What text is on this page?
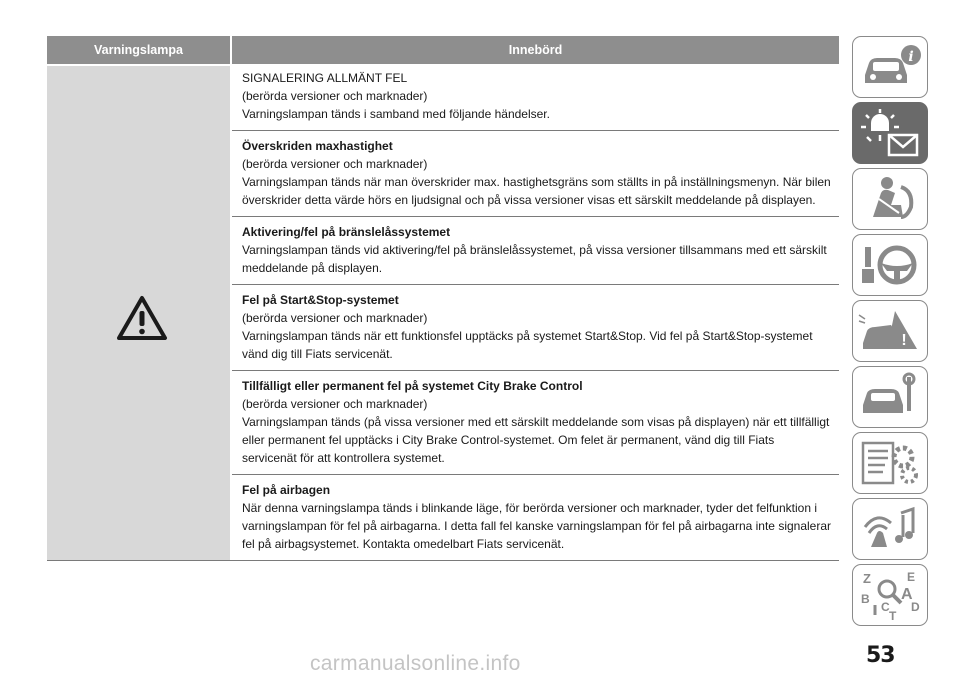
Varningslampa	Innebörd
SIGNALERING ALLMÄNT FEL
(berörda versioner och marknader)
Varningslampan tänds i samband med följande händelser.
Överskriden maxhastighet
(berörda versioner och marknader)
Varningslampan tänds när man överskrider max. hastighetsgräns som ställts in på inställningsmenyn. När bilen överskrider detta värde hörs en ljudsignal och på vissa versioner visas ett särskilt meddelande på displayen.
Aktivering/fel på bränslelåssystemet
Varningslampan tänds vid aktivering/fel på bränslelåssystemet, på vissa versioner tillsammans med ett särskilt meddelande på displayen.
Fel på Start&Stop-systemet
(berörda versioner och marknader)
Varningslampan tänds när ett funktionsfel upptäcks på systemet Start&Stop. Vid fel på Start&Stop-systemet vänd dig till Fiats servicenät.
Tillfälligt eller permanent fel på systemet City Brake Control
(berörda versioner och marknader)
Varningslampan tänds (på vissa versioner med ett särskilt meddelande som visas på displayen) när ett tillfälligt eller permanent fel upptäcks i City Brake Control-systemet. Om felet är permanent, vänd dig till Fiats servicenät för att kontrollera systemet.
Fel på airbagen
När denna varningslampa tänds i blinkande läge, för berörda versioner och marknader, tyder det felfunktion i varningslampan för fel på airbagarna. I detta fall fel kanske varningslampan för fel på airbagarna inte signalerar fel på airbagsystemet. Kontakta omedelbart Fiats servicenät.
i
!
Z	E
A
B
C D
T
53
carmanualsonline.info
